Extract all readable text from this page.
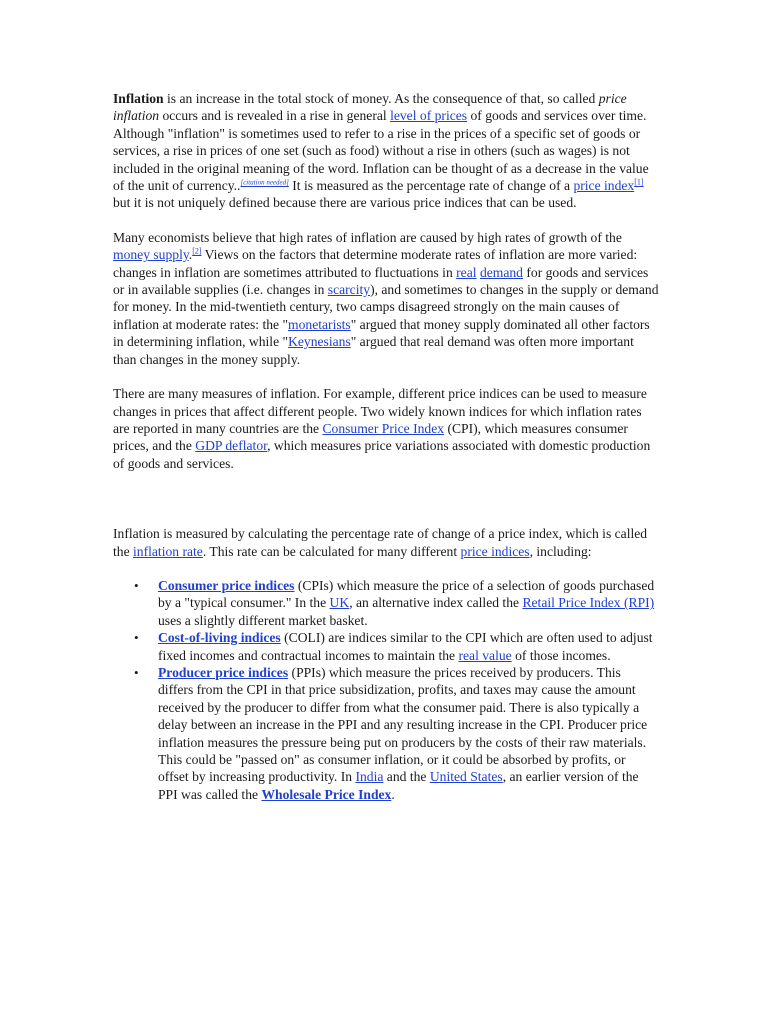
Inflation is an increase in the total stock of money. As the consequence of that, so called price inflation occurs and is revealed in a rise in general level of prices of goods and services over time. Although "inflation" is sometimes used to refer to a rise in the prices of a specific set of goods or services, a rise in prices of one set (such as food) without a rise in others (such as wages) is not included in the original meaning of the word. Inflation can be thought of as a decrease in the value of the unit of currency..[citation needed] It is measured as the percentage rate of change of a price index[1] but it is not uniquely defined because there are various price indices that can be used.

Many economists believe that high rates of inflation are caused by high rates of growth of the money supply.[2] Views on the factors that determine moderate rates of inflation are more varied: changes in inflation are sometimes attributed to fluctuations in real demand for goods and services or in available supplies (i.e. changes in scarcity), and sometimes to changes in the supply or demand for money. In the mid-twentieth century, two camps disagreed strongly on the main causes of inflation at moderate rates: the "monetarists" argued that money supply dominated all other factors in determining inflation, while "Keynesians" argued that real demand was often more important than changes in the money supply.

There are many measures of inflation. For example, different price indices can be used to measure changes in prices that affect different people. Two widely known indices for which inflation rates are reported in many countries are the Consumer Price Index (CPI), which measures consumer prices, and the GDP deflator, which measures price variations associated with domestic production of goods and services.

Inflation is measured by calculating the percentage rate of change of a price index, which is called the inflation rate. This rate can be calculated for many different price indices, including:

• Consumer price indices (CPIs) which measure the price of a selection of goods purchased by a "typical consumer." In the UK, an alternative index called the Retail Price Index (RPI) uses a slightly different market basket.
• Cost-of-living indices (COLI) are indices similar to the CPI which are often used to adjust fixed incomes and contractual incomes to maintain the real value of those incomes.
• Producer price indices (PPIs) which measure the prices received by producers. This differs from the CPI in that price subsidization, profits, and taxes may cause the amount received by the producer to differ from what the consumer paid. There is also typically a delay between an increase in the PPI and any resulting increase in the CPI. Producer price inflation measures the pressure being put on producers by the costs of their raw materials. This could be "passed on" as consumer inflation, or it could be absorbed by profits, or offset by increasing productivity. In India and the United States, an earlier version of the PPI was called the Wholesale Price Index.
